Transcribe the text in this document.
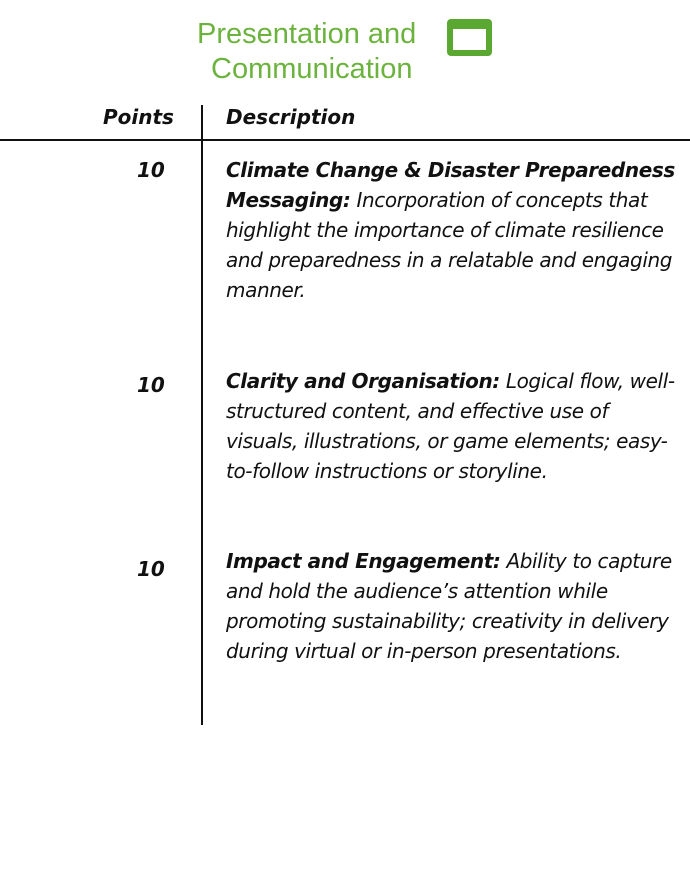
Presentation and
Communication
Points	Description
10	Climate Change & Disaster Preparedness Messaging: Incorporation of concepts that highlight the importance of climate resilience and preparedness in a relatable and engaging manner.
10	Clarity and Organisation: Logical flow, well-structured content, and effective use of visuals, illustrations, or game elements; easy-to-follow instructions or storyline.
10	Impact and Engagement: Ability to capture and hold the audience’s attention while promoting sustainability; creativity in delivery during virtual or in-person presentations.
